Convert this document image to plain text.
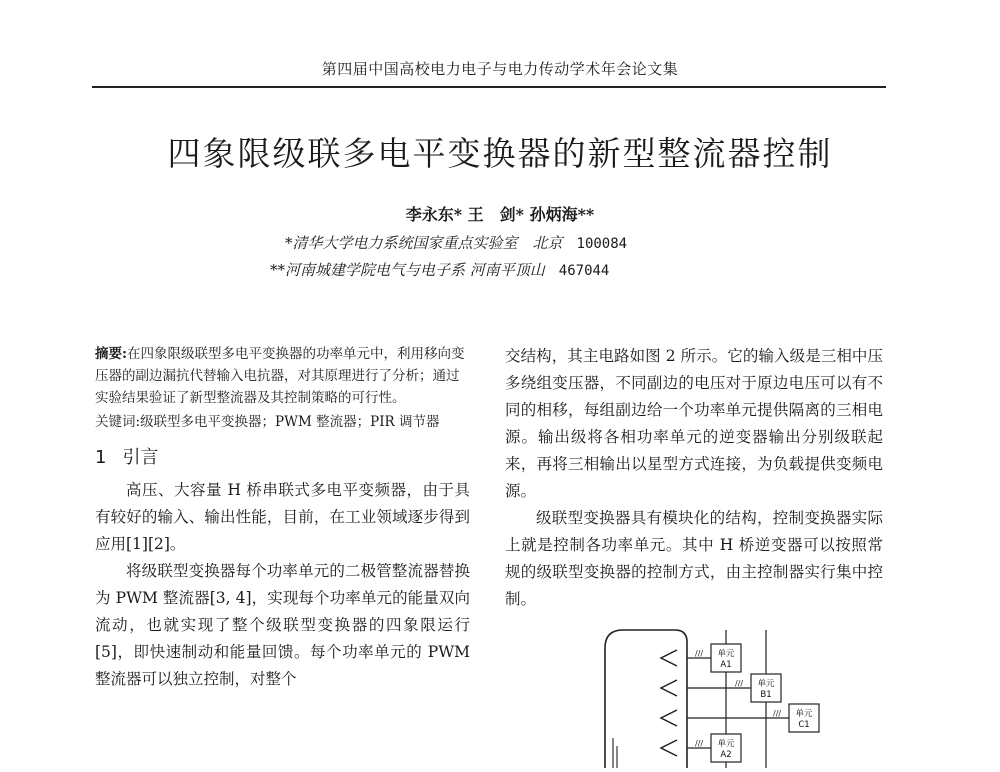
第四届中国高校电力电子与电力传动学术年会论文集
四象限级联多电平变换器的新型整流器控制
李永东* 王　剑* 孙炳海**
*清华大学电力系统国家重点实验室　北京 100084
**河南城建学院电气与电子系 河南平顶山 467044
摘要:在四象限级联型多电平变换器的功率单元中，利用移向变压器的副边漏抗代替输入电抗器，对其原理进行了分析；通过实验结果验证了新型整流器及其控制策略的可行性。
关键词:级联型多电平变换器；PWM 整流器；PIR 调节器
1 引言

高压、大容量 H 桥串联式多电平变频器，由于具有较好的输入、输出性能，目前，在工业领域逐步得到应用[1][2]。

将级联型变换器每个功率单元的二极管整流器替换为 PWM 整流器[3, 4]，实现每个功率单元的能量双向流动，也就实现了整个级联型变换器的四象限运行[5]，即快速制动和能量回馈。每个功率单元的 PWM 整流器可以独立控制，对整个

交结构，其主电路如图 2 所示。它的输入级是三相中压多绕组变压器，不同副边的电压对于原边电压可以有不同的相移，每组副边给一个功率单元提供隔离的三相电源。输出级将各相功率单元的逆变器输出分别级联起来，再将三相输出以星型方式连接，为负载提供变频电源。

级联型变换器具有模块化的结构，控制变换器实际上就是控制各功率单元。其中 H 桥逆变器可以按照常规的级联型变换器的控制方式，由主控制器实行集中控制。

///
///
///
///
单元
A1
单元
B1
单元
C1
单元
A2
